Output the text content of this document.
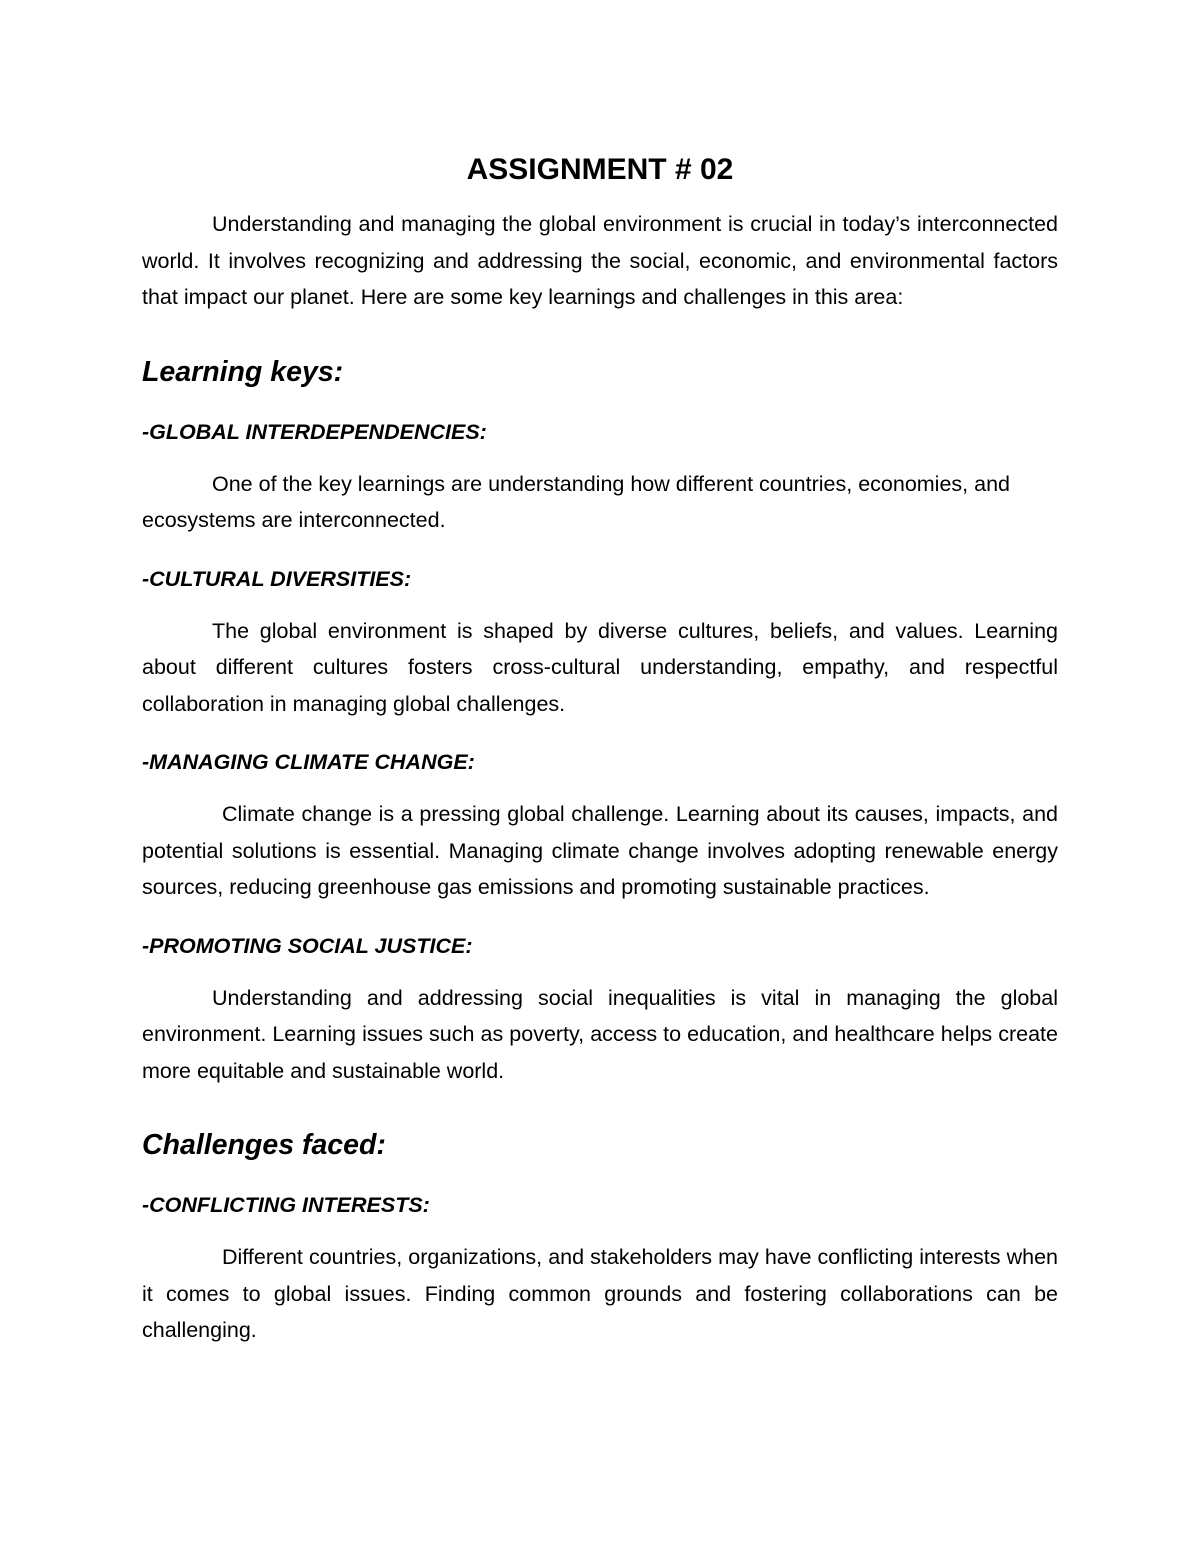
ASSIGNMENT # 02

Understanding and managing the global environment is crucial in today’s interconnected world. It involves recognizing and addressing the social, economic, and environmental factors that impact our planet. Here are some key learnings and challenges in this area:

Learning keys:
-GLOBAL INTERDEPENDENCIES:

One of the key learnings are understanding how different countries, economies, and ecosystems are interconnected.

-CULTURAL DIVERSITIES:

The global environment is shaped by diverse cultures, beliefs, and values. Learning about different cultures fosters cross-cultural understanding, empathy, and respectful collaboration in managing global challenges.

-MANAGING CLIMATE CHANGE:

Climate change is a pressing global challenge. Learning about its causes, impacts, and potential solutions is essential. Managing climate change involves adopting renewable energy sources, reducing greenhouse gas emissions and promoting sustainable practices.

-PROMOTING SOCIAL JUSTICE:

Understanding and addressing social inequalities is vital in managing the global environment. Learning issues such as poverty, access to education, and healthcare helps create more equitable and sustainable world.

Challenges faced:
-CONFLICTING INTERESTS:

Different countries, organizations, and stakeholders may have conflicting interests when it comes to global issues. Finding common grounds and fostering collaborations can be challenging.
